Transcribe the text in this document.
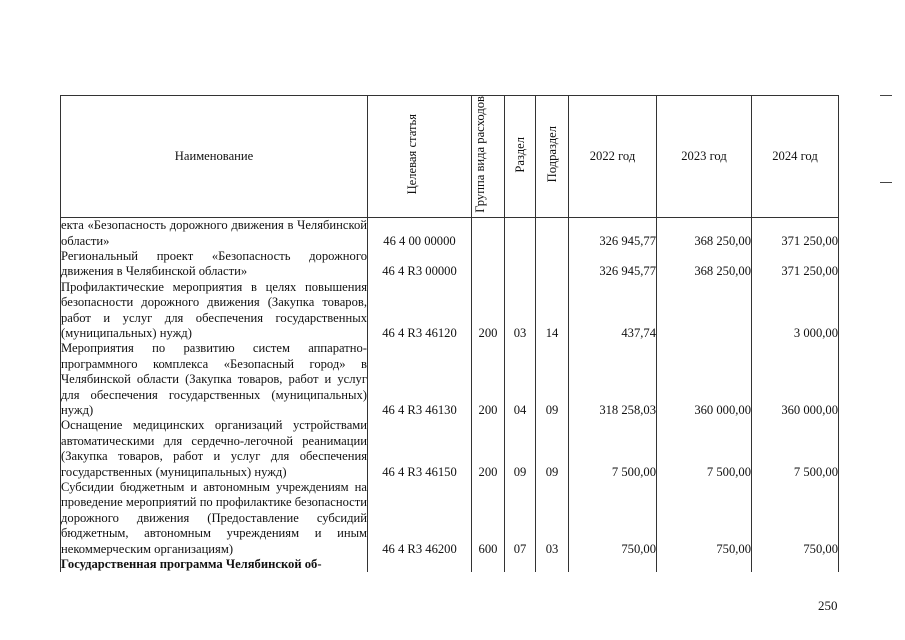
Наименование	Целевая статья	Группа вида расходов	Раздел	Подраздел	2022 год	2023 год	2024 год
екта «Безопасность дорожного движения в Челябинской области»	46 4 00 00000				326 945,77	368 250,00	371 250,00
Региональный проект «Безопасность дорожного движения в Челябинской области»	46 4 R3 00000				326 945,77	368 250,00	371 250,00
Профилактические мероприятия в целях повышения безопасности дорожного движения (Закупка товаров, работ и услуг для обеспечения государственных (муниципальных) нужд)	46 4 R3 46120	200	03	14	437,74		3 000,00
Мероприятия по развитию систем аппаратно-программного комплекса «Безопасный город» в Челябинской области (Закупка товаров, работ и услуг для обеспечения государственных (муниципальных) нужд)	46 4 R3 46130	200	04	09	318 258,03	360 000,00	360 000,00
Оснащение медицинских организаций устройствами автоматическими для сердечно-легочной реанимации (Закупка товаров, работ и услуг для обеспечения государственных (муниципальных) нужд)	46 4 R3 46150	200	09	09	7 500,00	7 500,00	7 500,00
Субсидии бюджетным и автономным учреждениям на проведение мероприятий по профилактике безопасности дорожного движения (Предоставление субсидий бюджетным, автономным учреждениям и иным некоммерческим организациям)	46 4 R3 46200	600	07	03	750,00	750,00	750,00
Государственная программа Челябинской об-							
250
